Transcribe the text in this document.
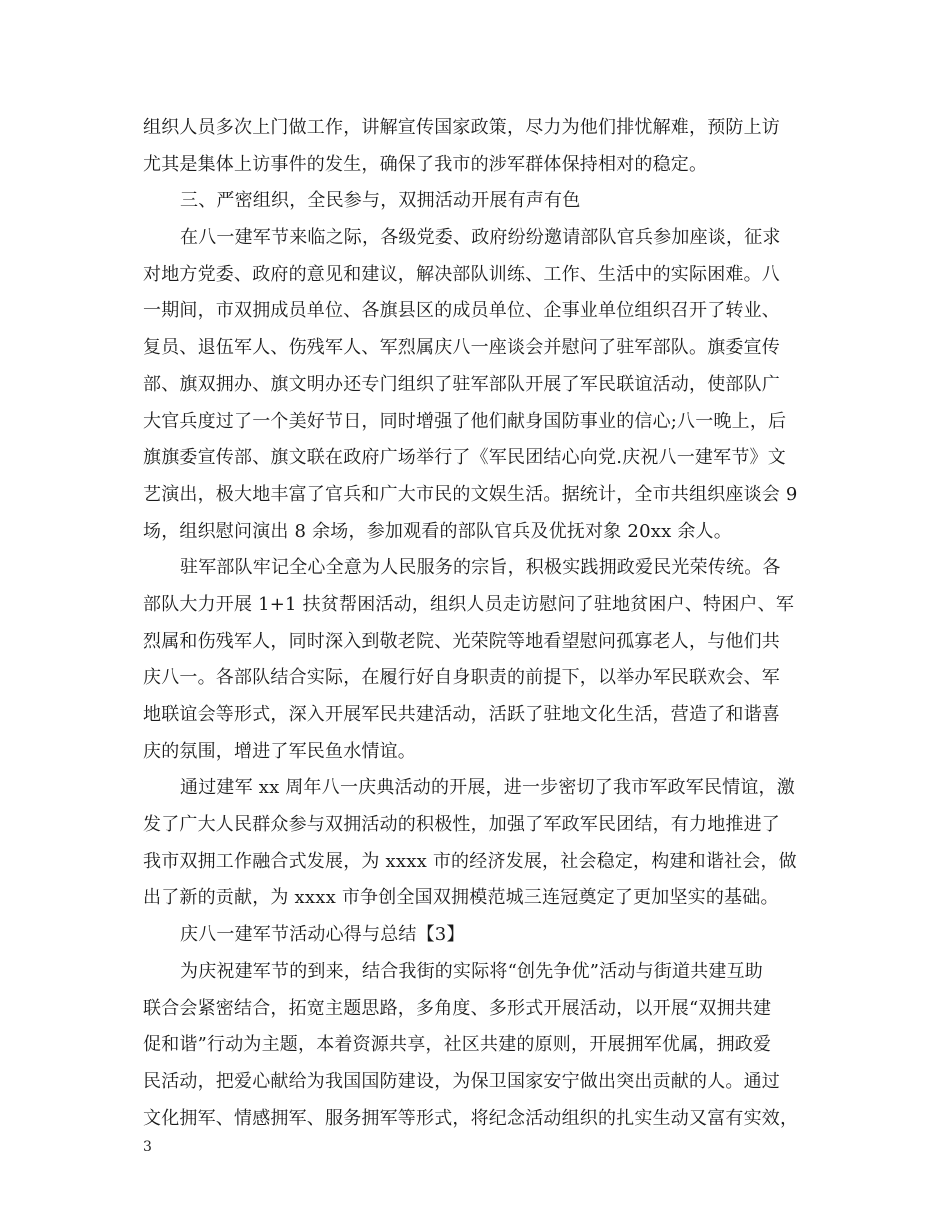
组织人员多次上门做工作，讲解宣传国家政策，尽力为他们排忧解难，预防上访
尤其是集体上访事件的发生，确保了我市的涉军群体保持相对的稳定。
三、严密组织，全民参与，双拥活动开展有声有色
在八一建军节来临之际，各级党委、政府纷纷邀请部队官兵参加座谈，征求
对地方党委、政府的意见和建议，解决部队训练、工作、生活中的实际困难。八
一期间，市双拥成员单位、各旗县区的成员单位、企事业单位组织召开了转业、
复员、退伍军人、伤残军人、军烈属庆八一座谈会并慰问了驻军部队。旗委宣传
部、旗双拥办、旗文明办还专门组织了驻军部队开展了军民联谊活动，使部队广
大官兵度过了一个美好节日，同时增强了他们献身国防事业的信心;八一晚上，后
旗旗委宣传部、旗文联在政府广场举行了《军民团结心向党.庆祝八一建军节》文
艺演出，极大地丰富了官兵和广大市民的文娱生活。据统计，全市共组织座谈会 9
场，组织慰问演出 8 余场，参加观看的部队官兵及优抚对象 20xx 余人。
驻军部队牢记全心全意为人民服务的宗旨，积极实践拥政爱民光荣传统。各
部队大力开展 1+1 扶贫帮困活动，组织人员走访慰问了驻地贫困户、特困户、军
烈属和伤残军人，同时深入到敬老院、光荣院等地看望慰问孤寡老人，与他们共
庆八一。各部队结合实际，在履行好自身职责的前提下，以举办军民联欢会、军
地联谊会等形式，深入开展军民共建活动，活跃了驻地文化生活，营造了和谐喜
庆的氛围，增进了军民鱼水情谊。
通过建军 xx 周年八一庆典活动的开展，进一步密切了我市军政军民情谊，激
发了广大人民群众参与双拥活动的积极性，加强了军政军民团结，有力地推进了
我市双拥工作融合式发展，为 xxxx 市的经济发展，社会稳定，构建和谐社会，做
出了新的贡献，为 xxxx 市争创全国双拥模范城三连冠奠定了更加坚实的基础。
庆八一建军节活动心得与总结【3】
为庆祝建军节的到来，结合我街的实际将“创先争优”活动与街道共建互助
联合会紧密结合，拓宽主题思路，多角度、多形式开展活动，以开展“双拥共建
促和谐”行动为主题，本着资源共享，社区共建的原则，开展拥军优属，拥政爱
民活动，把爱心献给为我国国防建设，为保卫国家安宁做出突出贡献的人。通过
文化拥军、情感拥军、服务拥军等形式，将纪念活动组织的扎实生动又富有实效，
3
